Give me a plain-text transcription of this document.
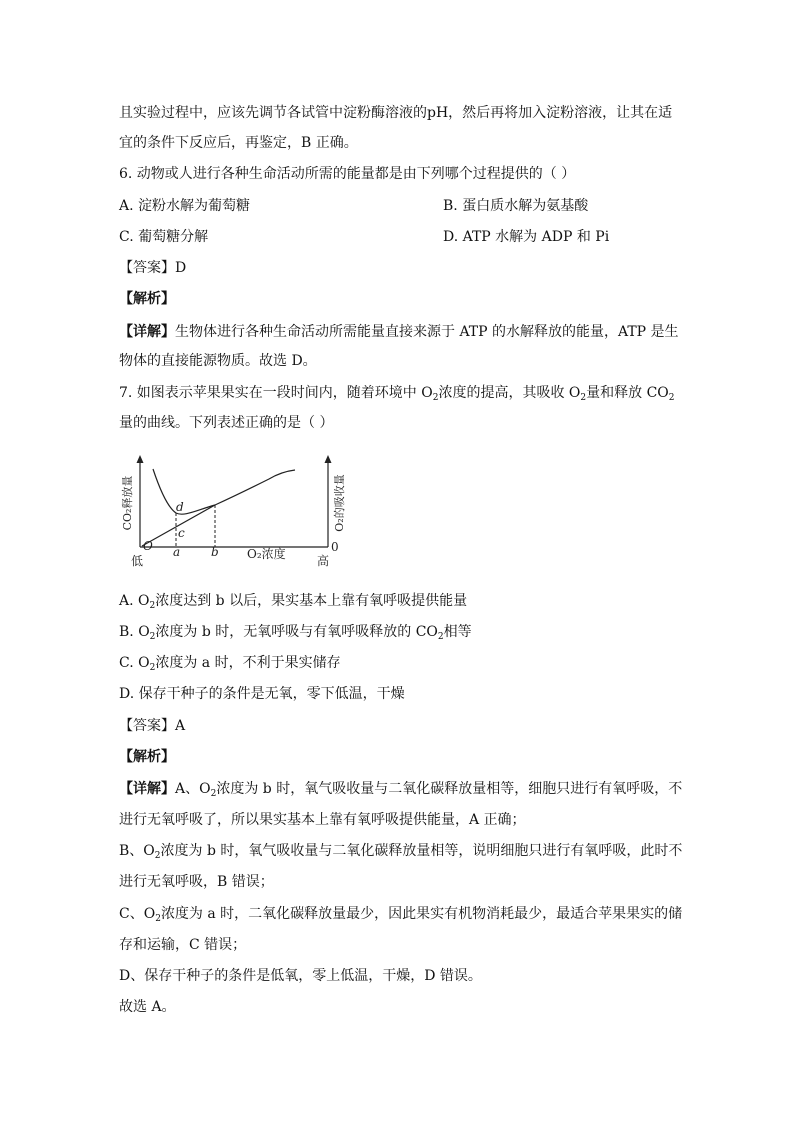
且实验过程中，应该先调节各试管中淀粉酶溶液的pH，然后再将加入淀粉溶液，让其在适
宜的条件下反应后，再鉴定，B 正确。
6. 动物或人进行各种生命活动所需的能量都是由下列哪个过程提供的（ ）
A. 淀粉水解为葡萄糖	B. 蛋白质水解为氨基酸
C. 葡萄糖分解	D. ATP 水解为 ADP 和 Pi
【答案】D
【解析】
【详解】生物体进行各种生命活动所需能量直接来源于 ATP 的水解释放的能量，ATP 是生
物体的直接能源物质。故选 D。
7. 如图表示苹果果实在一段时间内，随着环境中 $O_2$浓度的提高，其吸收 $O_2$量和释放 $CO_2$
量的曲线。下列表述正确的是（ ）
CO₂释放量	O₂的吸收量
O	0
低	高
a	b
c
d
O₂浓度
A. $O_2$浓度达到 b 以后，果实基本上靠有氧呼吸提供能量
B. $O_2$浓度为 b 时，无氧呼吸与有氧呼吸释放的 $CO_2$相等
C. $O_2$浓度为 a 时，不利于果实储存
D. 保存干种子的条件是无氧，零下低温，干燥
【答案】A
【解析】
【详解】A、$O_2$浓度为 b 时，氧气吸收量与二氧化碳释放量相等，细胞只进行有氧呼吸，不
进行无氧呼吸了，所以果实基本上靠有氧呼吸提供能量，A 正确；
B、$O_2$浓度为 b 时，氧气吸收量与二氧化碳释放量相等，说明细胞只进行有氧呼吸，此时不
进行无氧呼吸，B 错误；
C、$O_2$浓度为 a 时，二氧化碳释放量最少，因此果实有机物消耗最少，最适合苹果果实的储
存和运输，C 错误；
D、保存干种子的条件是低氧，零上低温，干燥，D 错误。
故选 A。
